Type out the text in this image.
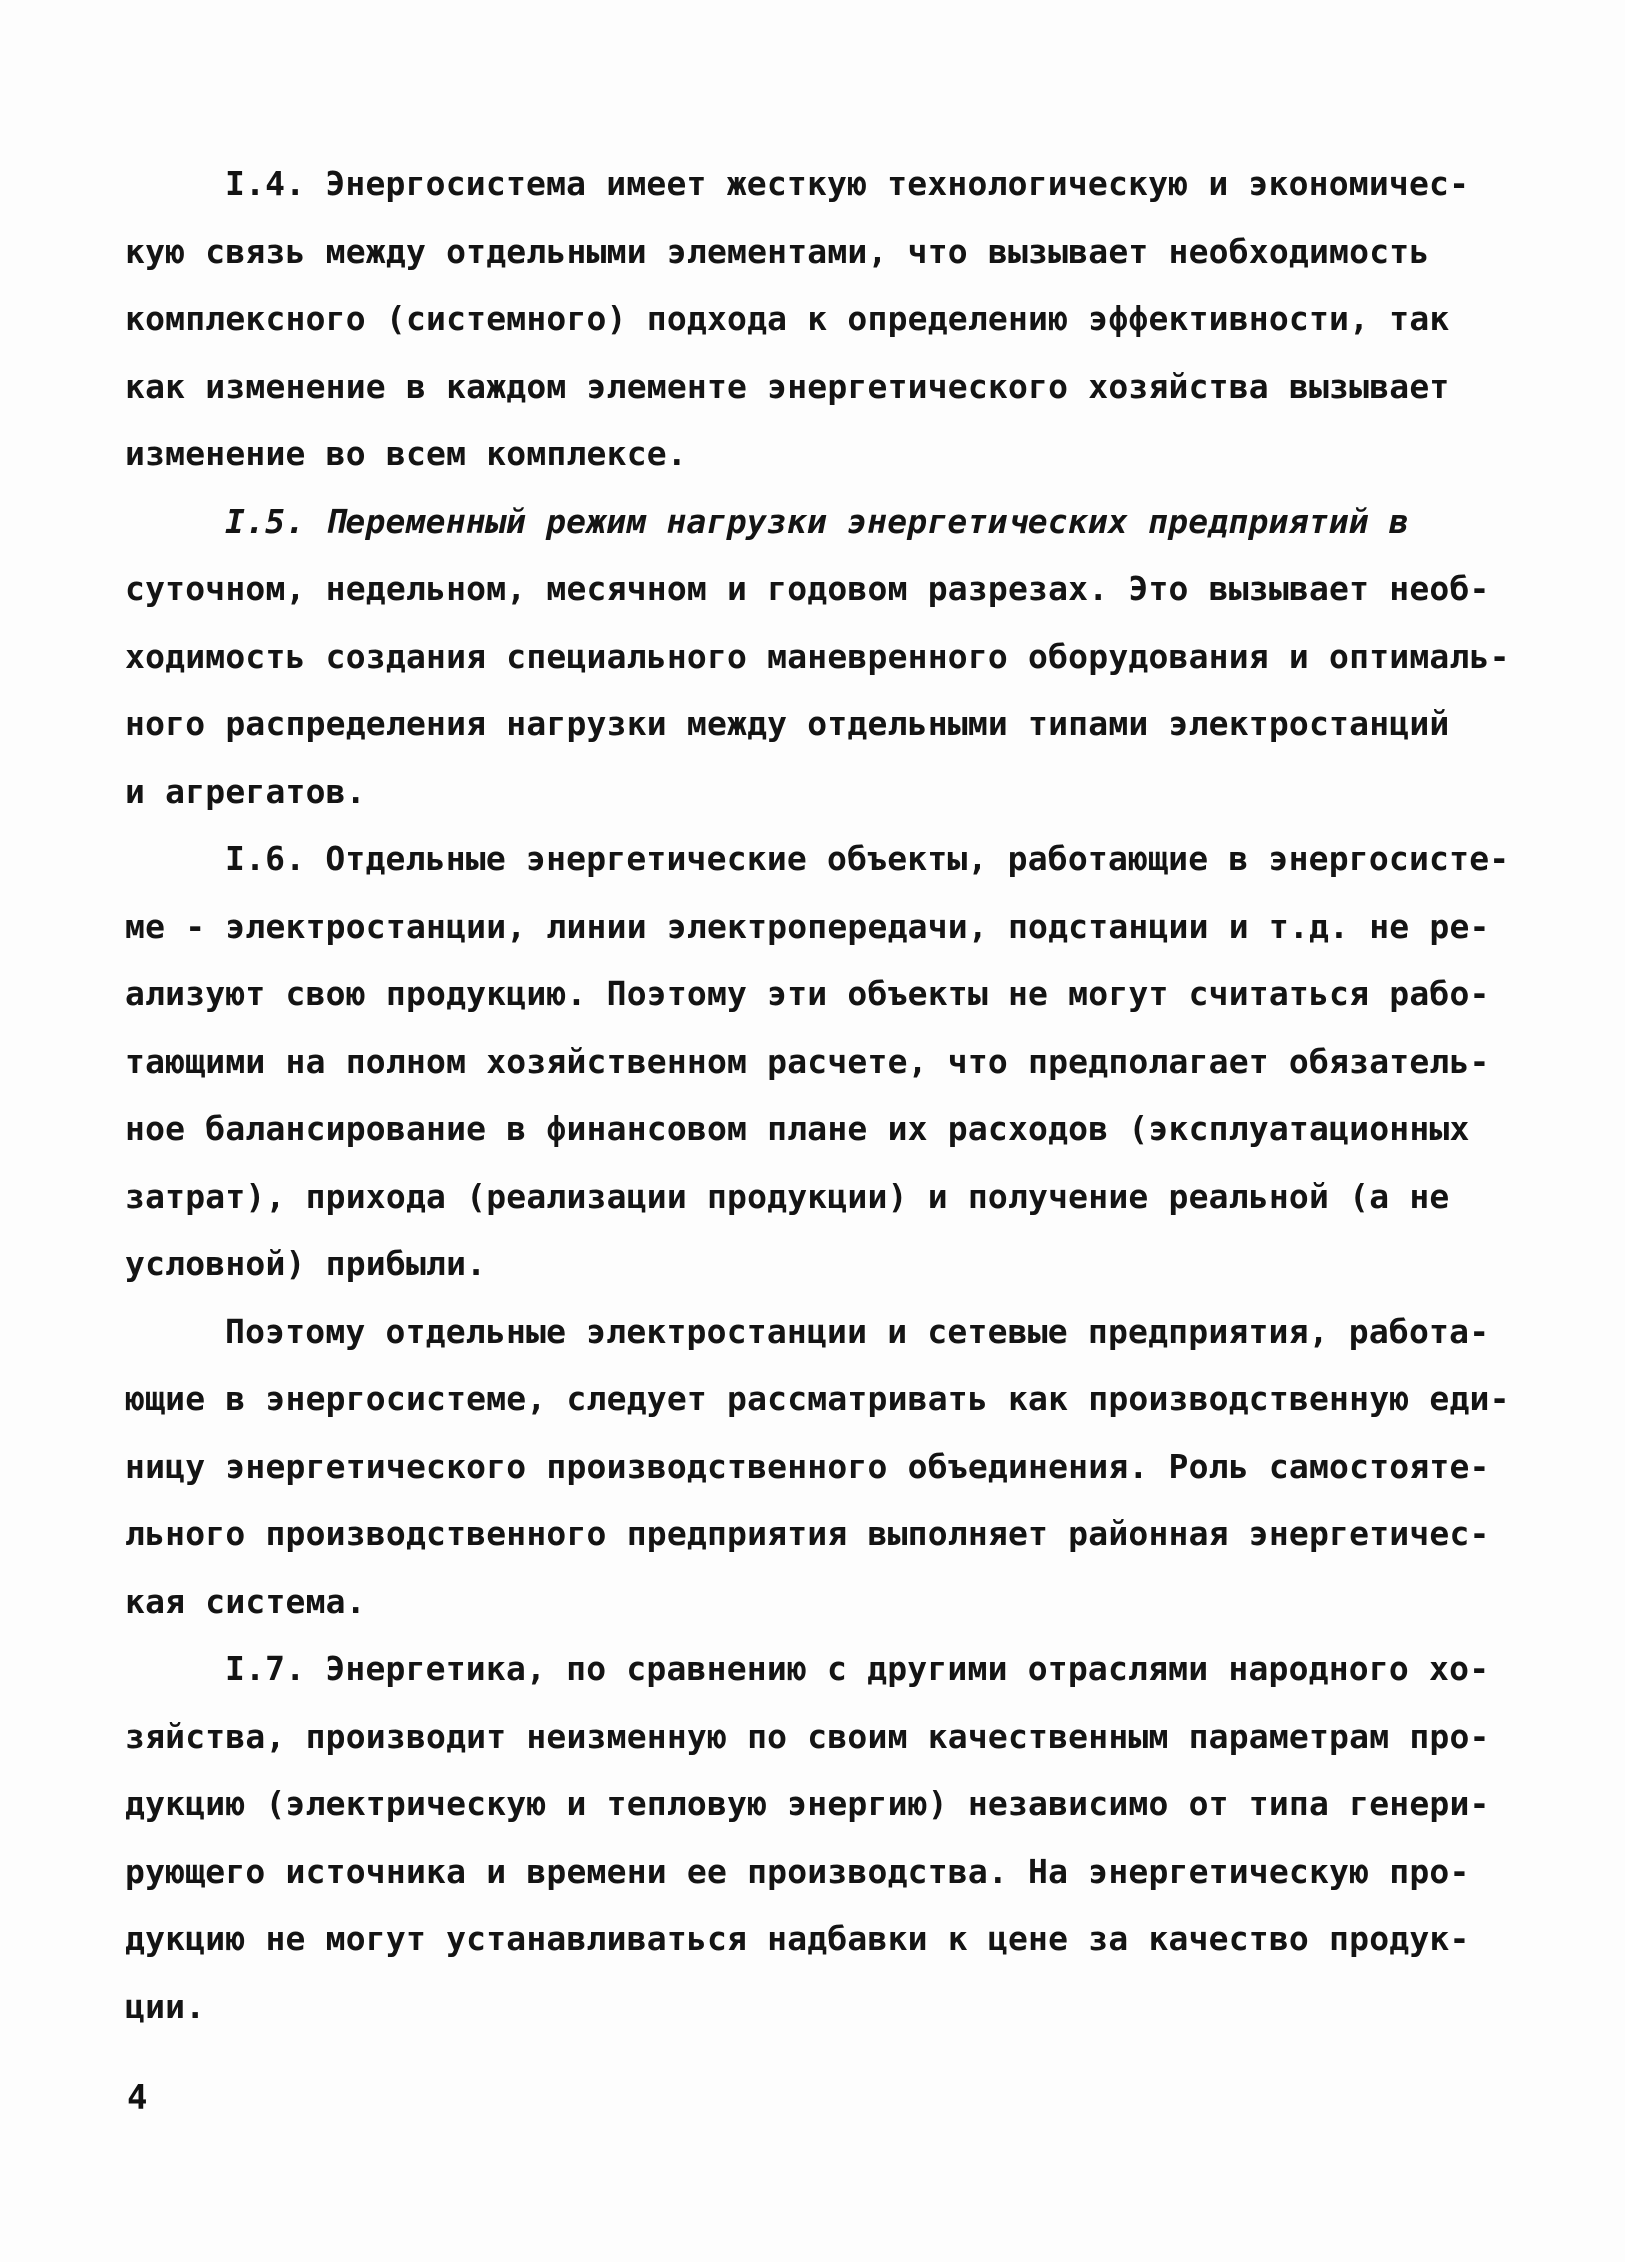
I.4. Энергосистема имеет жесткую технологическую и экономичес-
кую связь между отдельными элементами, что вызывает необходимость
комплексного (системного) подхода к определению эффективности, так
как изменение в каждом элементе энергетического хозяйства вызывает
изменение во всем комплексе.
I.5. Переменный режим нагрузки энергетических предприятий в
суточном, недельном, месячном и годовом разрезах. Это вызывает необ-
ходимость создания специального маневренного оборудования и оптималь-
ного распределения нагрузки между отдельными типами электростанций
и агрегатов.
I.6. Отдельные энергетические объекты, работающие в энергосисте-
ме - электростанции, линии электропередачи, подстанции и т.д. не ре-
ализуют свою продукцию. Поэтому эти объекты не могут считаться рабо-
тающими на полном хозяйственном расчете, что предполагает обязатель-
ное балансирование в финансовом плане их расходов (эксплуатационных
затрат), прихода (реализации продукции) и получение реальной (а не
условной) прибыли.
Поэтому отдельные электростанции и сетевые предприятия, работа-
ющие в энергосистеме, следует рассматривать как производственную еди-
ницу энергетического производственного объединения. Роль самостояте-
льного производственного предприятия выполняет районная энергетичес-
кая система.
I.7. Энергетика, по сравнению с другими отраслями народного хо-
зяйства, производит неизменную по своим качественным параметрам про-
дукцию (электрическую и тепловую энергию) независимо от типа генери-
рующего источника и времени ее производства. На энергетическую про-
дукцию не могут устанавливаться надбавки к цене за качество продук-
ции.
4
